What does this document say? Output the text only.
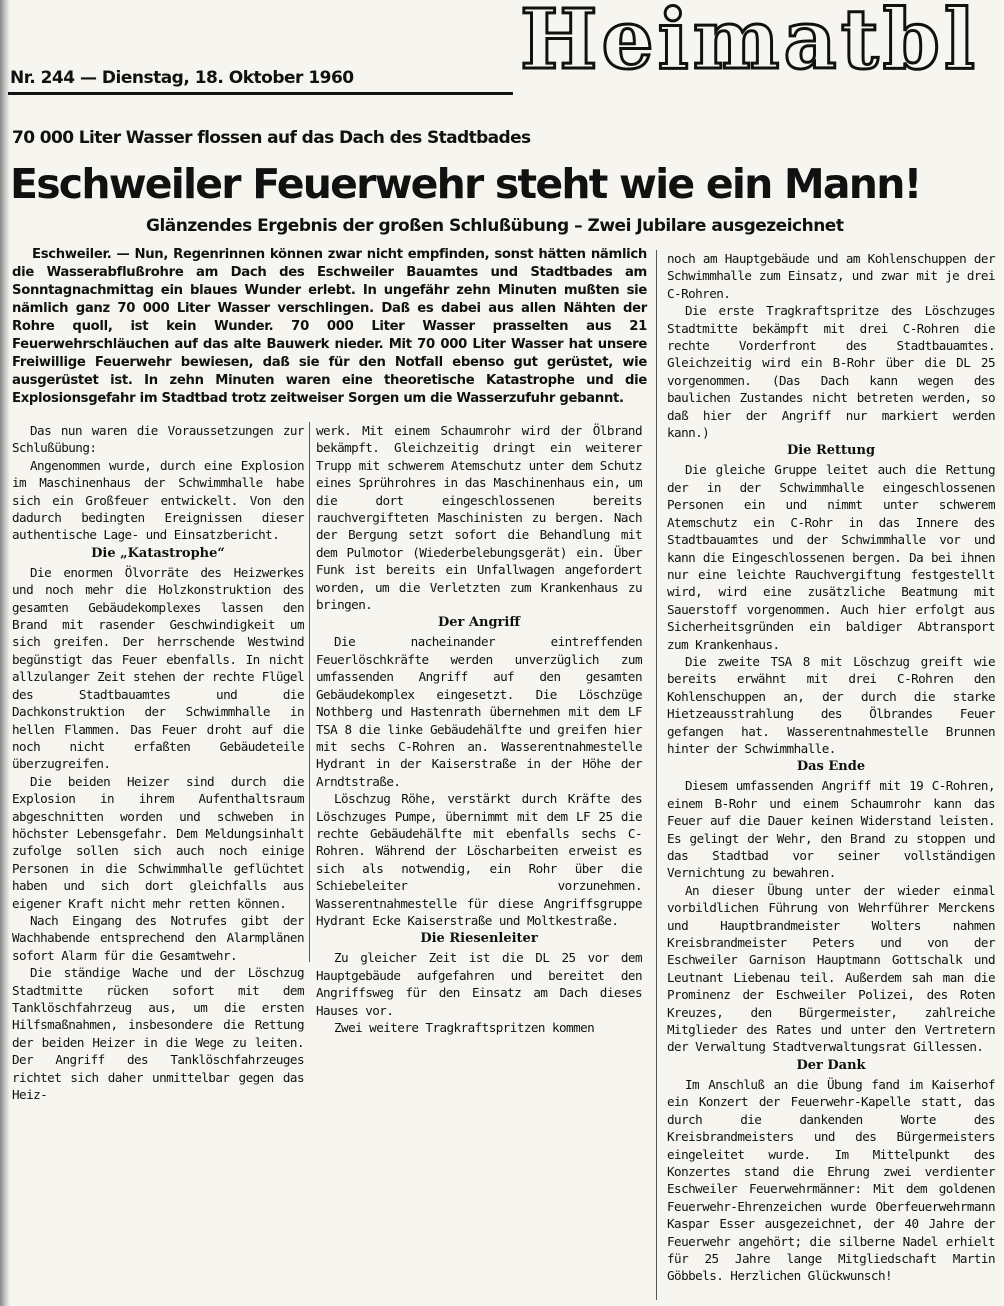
Heimatbl
Nr. 244 — Dienstag, 18. Oktober 1960
70 000 Liter Wasser flossen auf das Dach des Stadtbades
Eschweiler Feuerwehr steht wie ein Mann!
Glänzendes Ergebnis der großen Schlußübung – Zwei Jubilare ausgezeichnet

Eschweiler. — Nun, Regenrinnen können zwar nicht empfinden, sonst hätten nämlich die Wasserabflußrohre am Dach des Eschweiler Bauamtes und Stadtbades am Sonntagnachmittag ein blaues Wunder erlebt. In ungefähr zehn Minuten mußten sie nämlich ganz 70 000 Liter Wasser verschlingen. Daß es dabei aus allen Nähten der Rohre quoll, ist kein Wunder. 70 000 Liter Wasser prasselten aus 21 Feuerwehrschläuchen auf das alte Bauwerk nieder. Mit 70 000 Liter Wasser hat unsere Freiwillige Feuerwehr bewiesen, daß sie für den Notfall ebenso gut gerüstet, wie ausgerüstet ist. In zehn Minuten waren eine theoretische Katastrophe und die Explosionsgefahr im Stadtbad trotz zeitweiser Sorgen um die Wasserzufuhr gebannt.

Das nun waren die Voraussetzungen zur Schlußübung:

Angenommen wurde, durch eine Explosion im Maschinenhaus der Schwimmhalle habe sich ein Großfeuer entwickelt. Von den dadurch bedingten Ereignissen dieser authentische Lage- und Einsatzbericht.

Die „Katastrophe“

Die enormen Ölvorräte des Heizwerkes und noch mehr die Holzkonstruktion des gesamten Gebäudekomplexes lassen den Brand mit rasender Geschwindigkeit um sich greifen. Der herrschende Westwind begünstigt das Feuer ebenfalls. In nicht allzulanger Zeit stehen der rechte Flügel des Stadtbauamtes und die Dachkonstruktion der Schwimmhalle in hellen Flammen. Das Feuer droht auf die noch nicht erfaßten Gebäudeteile überzugreifen.

Die beiden Heizer sind durch die Explosion in ihrem Aufenthaltsraum abgeschnitten worden und schweben in höchster Lebensgefahr. Dem Meldungsinhalt zufolge sollen sich auch noch einige Personen in die Schwimmhalle geflüchtet haben und sich dort gleichfalls aus eigener Kraft nicht mehr retten können.

Nach Eingang des Notrufes gibt der Wachhabende entsprechend den Alarmplänen sofort Alarm für die Gesamtwehr.

Die ständige Wache und der Löschzug Stadtmitte rücken sofort mit dem Tanklöschfahrzeug aus, um die ersten Hilfsmaßnahmen, insbesondere die Rettung der beiden Heizer in die Wege zu leiten. Der Angriff des Tanklöschfahrzeuges richtet sich daher unmittelbar gegen das Heiz-

werk. Mit einem Schaumrohr wird der Ölbrand bekämpft. Gleichzeitig dringt ein weiterer Trupp mit schwerem Atemschutz unter dem Schutz eines Sprührohres in das Maschinenhaus ein, um die dort eingeschlossenen bereits rauchvergifteten Maschinisten zu bergen. Nach der Bergung setzt sofort die Behandlung mit dem Pulmotor (Wiederbelebungsgerät) ein. Über Funk ist bereits ein Unfallwagen angefordert worden, um die Verletzten zum Krankenhaus zu bringen.

Der Angriff

Die nacheinander eintreffenden Feuerlöschkräfte werden unverzüglich zum umfassenden Angriff auf den gesamten Gebäudekomplex eingesetzt. Die Löschzüge Nothberg und Hastenrath übernehmen mit dem LF TSA 8 die linke Gebäudehälfte und greifen hier mit sechs C-Rohren an. Wasserentnahmestelle Hydrant in der Kaiserstraße in der Höhe der Arndtstraße.

Löschzug Röhe, verstärkt durch Kräfte des Löschzuges Pumpe, übernimmt mit dem LF 25 die rechte Gebäudehälfte mit ebenfalls sechs C-Rohren. Während der Löscharbeiten erweist es sich als notwendig, ein Rohr über die Schiebeleiter vorzunehmen. Wasserentnahmestelle für diese Angriffsgruppe Hydrant Ecke Kaiserstraße und Moltkestraße.

Die Riesenleiter

Zu gleicher Zeit ist die DL 25 vor dem Hauptgebäude aufgefahren und bereitet den Angriffsweg für den Einsatz am Dach dieses Hauses vor.

Zwei weitere Tragkraftspritzen kommen

noch am Hauptgebäude und am Kohlenschuppen der Schwimmhalle zum Einsatz, und zwar mit je drei C-Rohren.

Die erste Tragkraftspritze des Löschzuges Stadtmitte bekämpft mit drei C-Rohren die rechte Vorderfront des Stadtbauamtes. Gleichzeitig wird ein B-Rohr über die DL 25 vorgenommen. (Das Dach kann wegen des baulichen Zustandes nicht betreten werden, so daß hier der Angriff nur markiert werden kann.)

Die Rettung

Die gleiche Gruppe leitet auch die Rettung der in der Schwimmhalle eingeschlossenen Personen ein und nimmt unter schwerem Atemschutz ein C-Rohr in das Innere des Stadtbauamtes und der Schwimmhalle vor und kann die Eingeschlossenen bergen. Da bei ihnen nur eine leichte Rauchvergiftung festgestellt wird, wird eine zusätzliche Beatmung mit Sauerstoff vorgenommen. Auch hier erfolgt aus Sicherheitsgründen ein baldiger Abtransport zum Krankenhaus.

Die zweite TSA 8 mit Löschzug greift wie bereits erwähnt mit drei C-Rohren den Kohlenschuppen an, der durch die starke Hietzeausstrahlung des Ölbrandes Feuer gefangen hat. Wasserentnahmestelle Brunnen hinter der Schwimmhalle.

Das Ende

Diesem umfassenden Angriff mit 19 C-Rohren, einem B-Rohr und einem Schaumrohr kann das Feuer auf die Dauer keinen Widerstand leisten. Es gelingt der Wehr, den Brand zu stoppen und das Stadtbad vor seiner vollständigen Vernichtung zu bewahren.

An dieser Übung unter der wieder einmal vorbildlichen Führung von Wehrführer Merckens und Hauptbrandmeister Wolters nahmen Kreisbrandmeister Peters und von der Eschweiler Garnison Hauptmann Gottschalk und Leutnant Liebenau teil. Außerdem sah man die Prominenz der Eschweiler Polizei, des Roten Kreuzes, den Bürgermeister, zahlreiche Mitglieder des Rates und unter den Vertretern der Verwaltung Stadtverwaltungsrat Gillessen.

Der Dank

Im Anschluß an die Übung fand im Kaiserhof ein Konzert der Feuerwehr-Kapelle statt, das durch die dankenden Worte des Kreisbrandmeisters und des Bürgermeisters eingeleitet wurde. Im Mittelpunkt des Konzertes stand die Ehrung zwei verdienter Eschweiler Feuerwehrmänner: Mit dem goldenen Feuerwehr-Ehrenzeichen wurde Oberfeuerwehrmann Kaspar Esser ausgezeichnet, der 40 Jahre der Feuerwehr angehört; die silberne Nadel erhielt für 25 Jahre lange Mitgliedschaft Martin Göbbels. Herzlichen Glückwunsch!
